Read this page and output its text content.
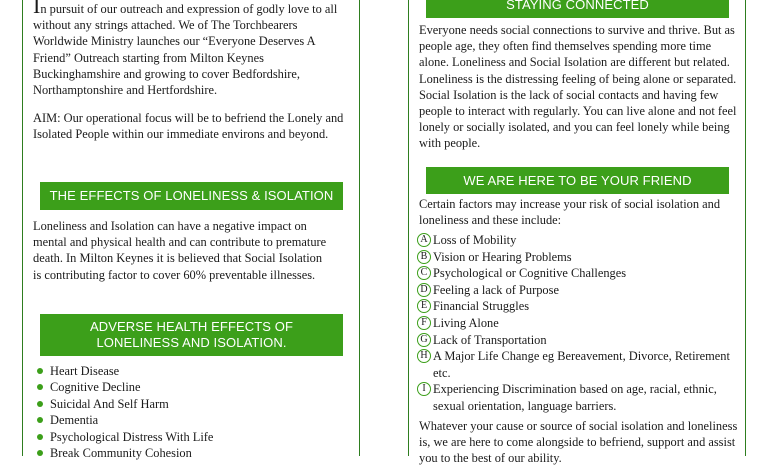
In pursuit of our outreach and expression of godly love to all without any strings attached. We of The Torchbearers Worldwide Ministry launches our “Everyone Deserves A Friend” Outreach starting from Milton Keynes Buckinghamshire and growing to cover Bedfordshire, Northamptonshire and Hertfordshire.

AIM: Our operational focus will be to befriend the Lonely and Isolated People within our immediate environs and beyond.

THE EFFECTS OF LONELINESS & ISOLATION

Loneliness and Isolation can have a negative impact on mental and physical health and can contribute to premature death. In Milton Keynes it is believed that Social Isolation is contributing factor to cover 60% preventable illnesses.

ADVERSE HEALTH EFFECTS OF LONELINESS AND ISOLATION.
Heart Disease
Cognitive Decline
Suicidal And Self Harm
Dementia
Psychological Distress With Life
Break Community Cohesion
STAYING CONNECTED

Everyone needs social connections to survive and thrive. But as people age, they often find themselves spending more time alone. Loneliness and Social Isolation are different but related. Loneliness is the distressing feeling of being alone or separated. Social Isolation is the lack of social contacts and having few people to interact with regularly. You can live alone and not feel lonely or socially isolated, and you can feel lonely while being with people.

WE ARE HERE TO BE YOUR FRIEND

Certain factors may increase your risk of social isolation and loneliness and these include:

A Loss of Mobility
B Vision or Hearing Problems
C Psychological or Cognitive Challenges
D Feeling a lack of Purpose
E Financial Struggles
F Living Alone
G Lack of Transportation
H A Major Life Change eg Bereavement, Divorce, Retirement etc.
I Experiencing Discrimination based on age, racial, ethnic, sexual orientation, language barriers.

Whatever your cause or source of social isolation and loneliness is, we are here to come alongside to befriend, support and assist you to the best of our ability.
